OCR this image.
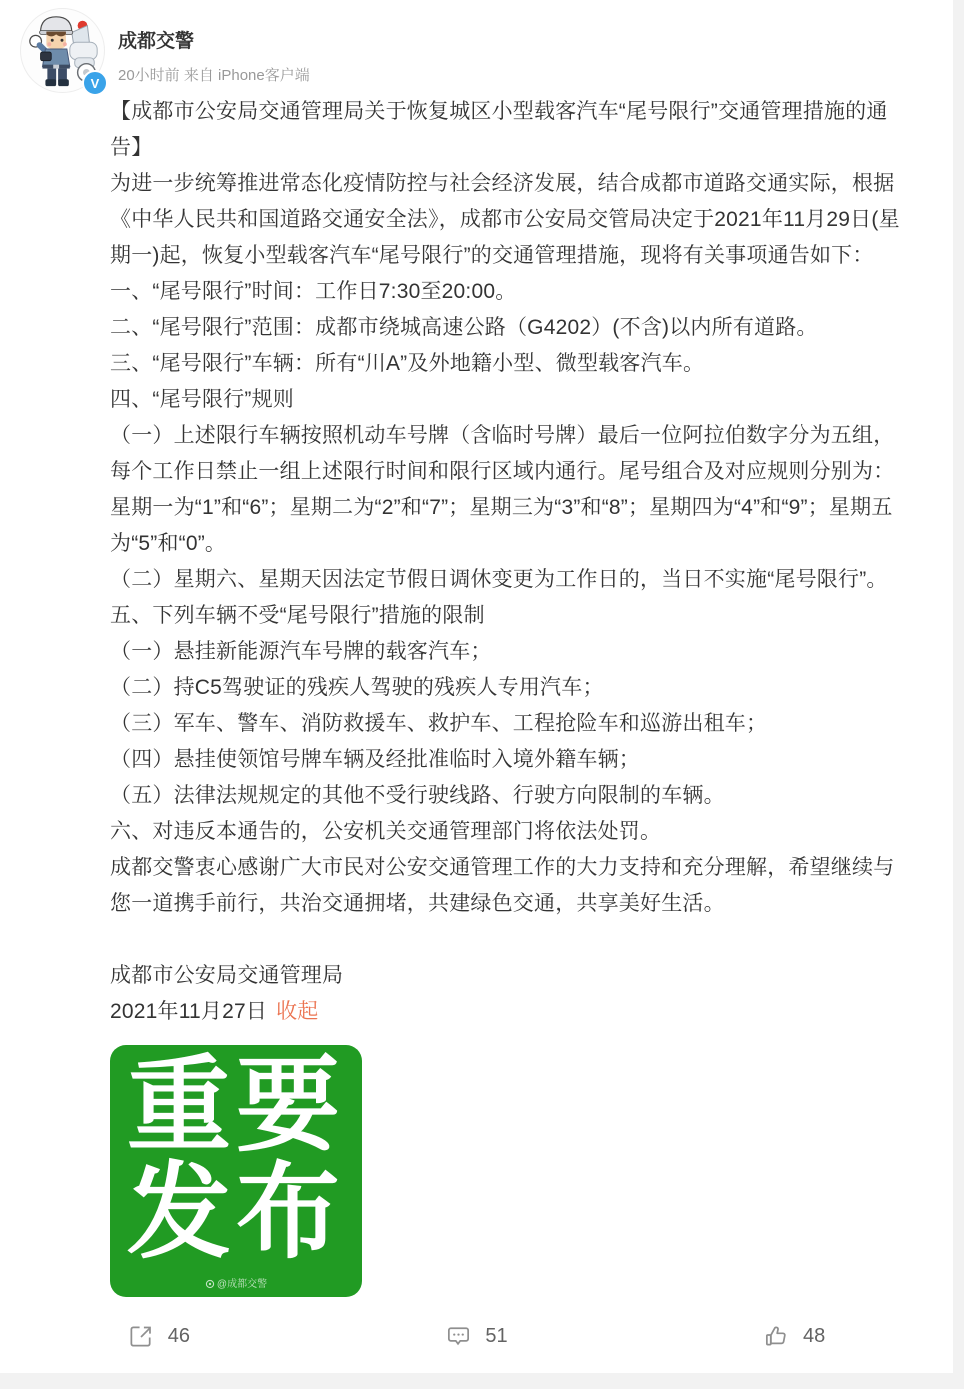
V
成都交警
20小时前 来自 iPhone客户端

【成都市公安局交通管理局关于恢复城区小型载客汽车“尾号限行”交通管理措施的通告】

为进一步统筹推进常态化疫情防控与社会经济发展，结合成都市道路交通实际，根据《中华人民共和国道路交通安全法》，成都市公安局交管局决定于2021年11月29日(星期一)起，恢复小型载客汽车“尾号限行”的交通管理措施，现将有关事项通告如下：

一、“尾号限行”时间：工作日7:30至20:00。

二、“尾号限行”范围：成都市绕城高速公路（G4202）(不含)以内所有道路。

三、“尾号限行”车辆：所有“川A”及外地籍小型、微型载客汽车。

四、“尾号限行”规则

（一）上述限行车辆按照机动车号牌（含临时号牌）最后一位阿拉伯数字分为五组，每个工作日禁止一组上述限行时间和限行区域内通行。尾号组合及对应规则分别为：星期一为“1”和“6”；星期二为“2”和“7”；星期三为“3”和“8”；星期四为“4”和“9”；星期五为“5”和“0”。

（二）星期六、星期天因法定节假日调休变更为工作日的，当日不实施“尾号限行”。

五、下列车辆不受“尾号限行”措施的限制

（一）悬挂新能源汽车号牌的载客汽车；

（二）持C5驾驶证的残疾人驾驶的残疾人专用汽车；

（三）军车、警车、消防救援车、救护车、工程抢险车和巡游出租车；

（四）悬挂使领馆号牌车辆及经批准临时入境外籍车辆；

（五）法律法规规定的其他不受行驶线路、行驶方向限制的车辆。

六、对违反本通告的，公安机关交通管理部门将依法处罚。

成都交警衷心感谢广大市民对公安交通管理工作的大力支持和充分理解，希望继续与您一道携手前行，共治交通拥堵，共建绿色交通，共享美好生活。

成都市公安局交通管理局

2021年11月27日 收起

重要
发布
@成都交警
46	51	48
